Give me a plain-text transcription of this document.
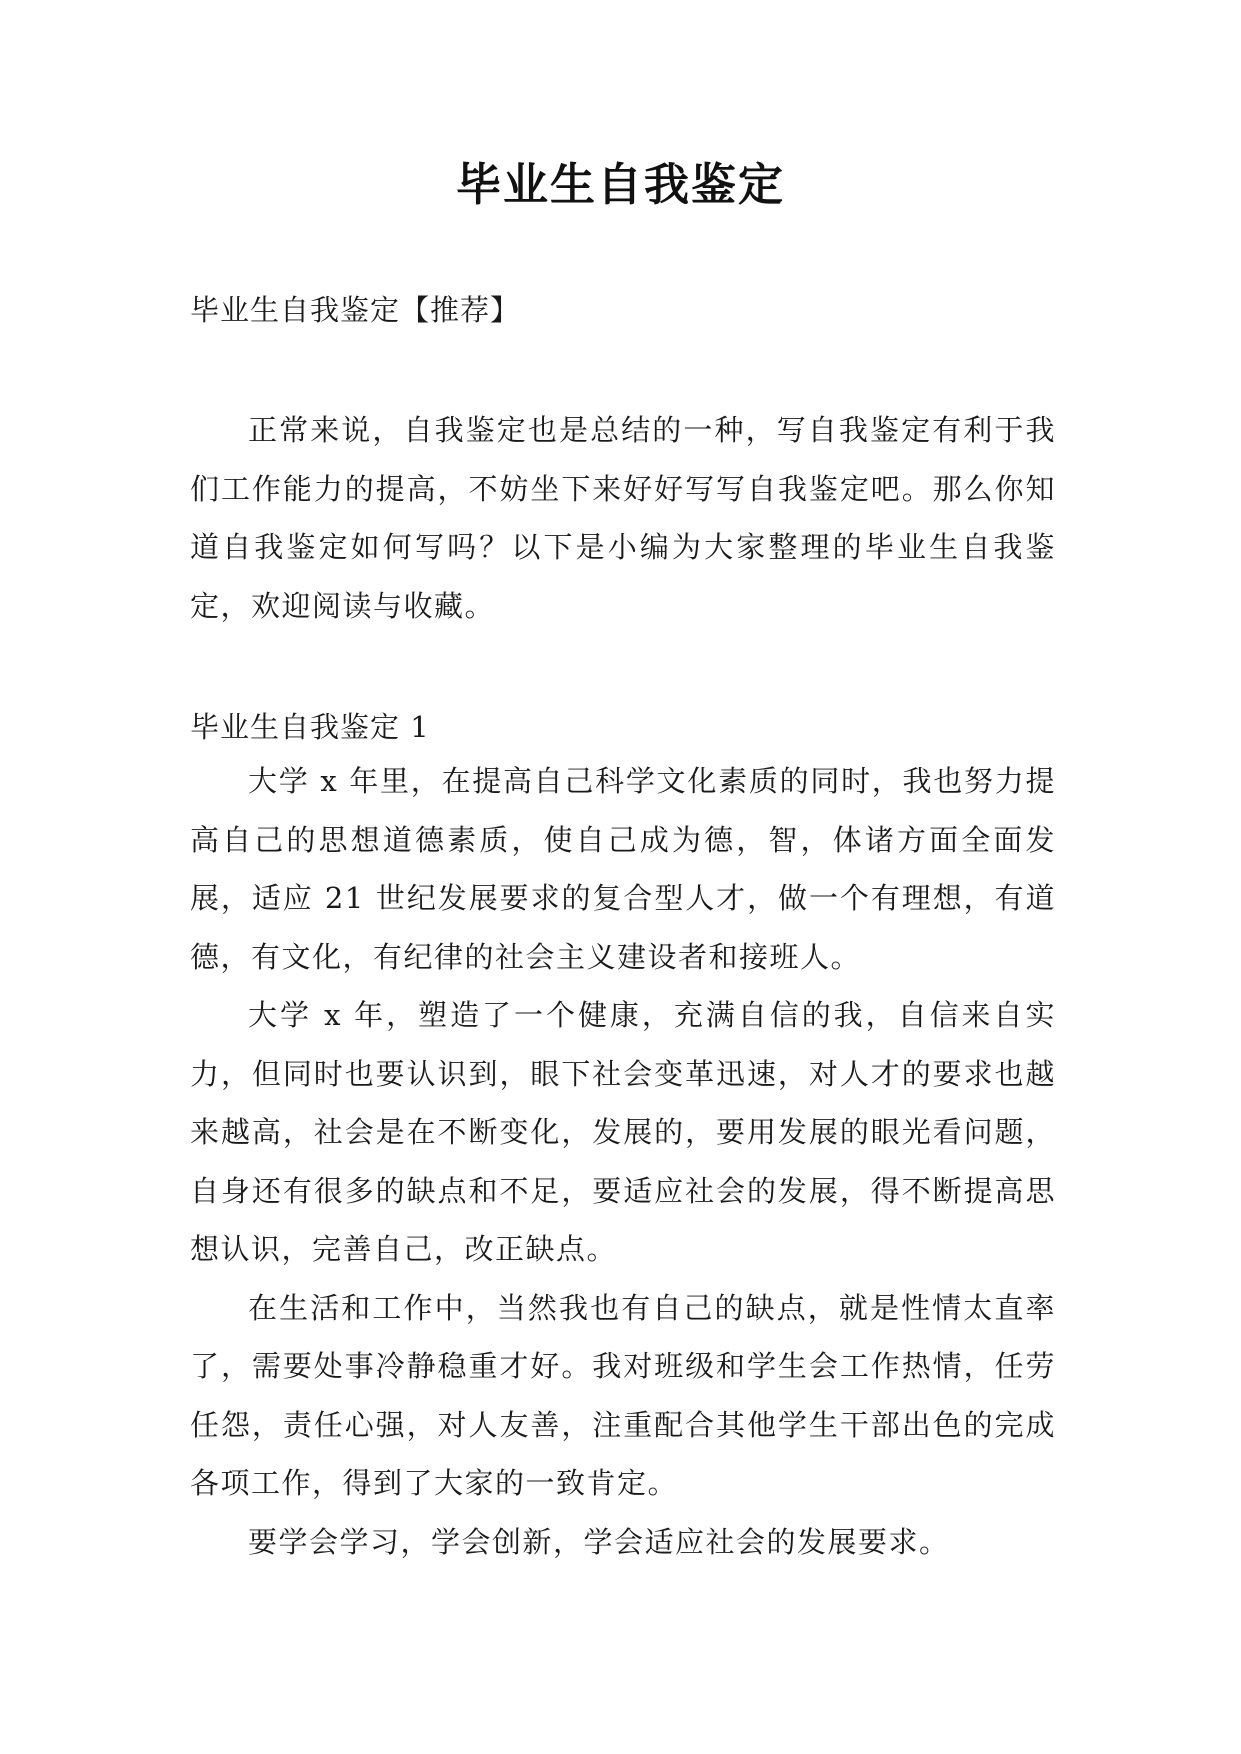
毕业生自我鉴定

毕业生自我鉴定【推荐】

正常来说，自我鉴定也是总结的一种，写自我鉴定有利于我们工作能力的提高，不妨坐下来好好写写自我鉴定吧。那么你知道自我鉴定如何写吗？以下是小编为大家整理的毕业生自我鉴定，欢迎阅读与收藏。

毕业生自我鉴定 1

大学 x 年里，在提高自己科学文化素质的同时，我也努力提高自己的思想道德素质，使自己成为德，智，体诸方面全面发展，适应 21 世纪发展要求的复合型人才，做一个有理想，有道德，有文化，有纪律的社会主义建设者和接班人。

大学 x 年，塑造了一个健康，充满自信的我，自信来自实力，但同时也要认识到，眼下社会变革迅速，对人才的要求也越来越高，社会是在不断变化，发展的，要用发展的眼光看问题，自身还有很多的缺点和不足，要适应社会的发展，得不断提高思想认识，完善自己，改正缺点。

在生活和工作中，当然我也有自己的缺点，就是性情太直率了，需要处事冷静稳重才好。我对班级和学生会工作热情，任劳任怨，责任心强，对人友善，注重配合其他学生干部出色的完成各项工作，得到了大家的一致肯定。

要学会学习，学会创新，学会适应社会的发展要求。
